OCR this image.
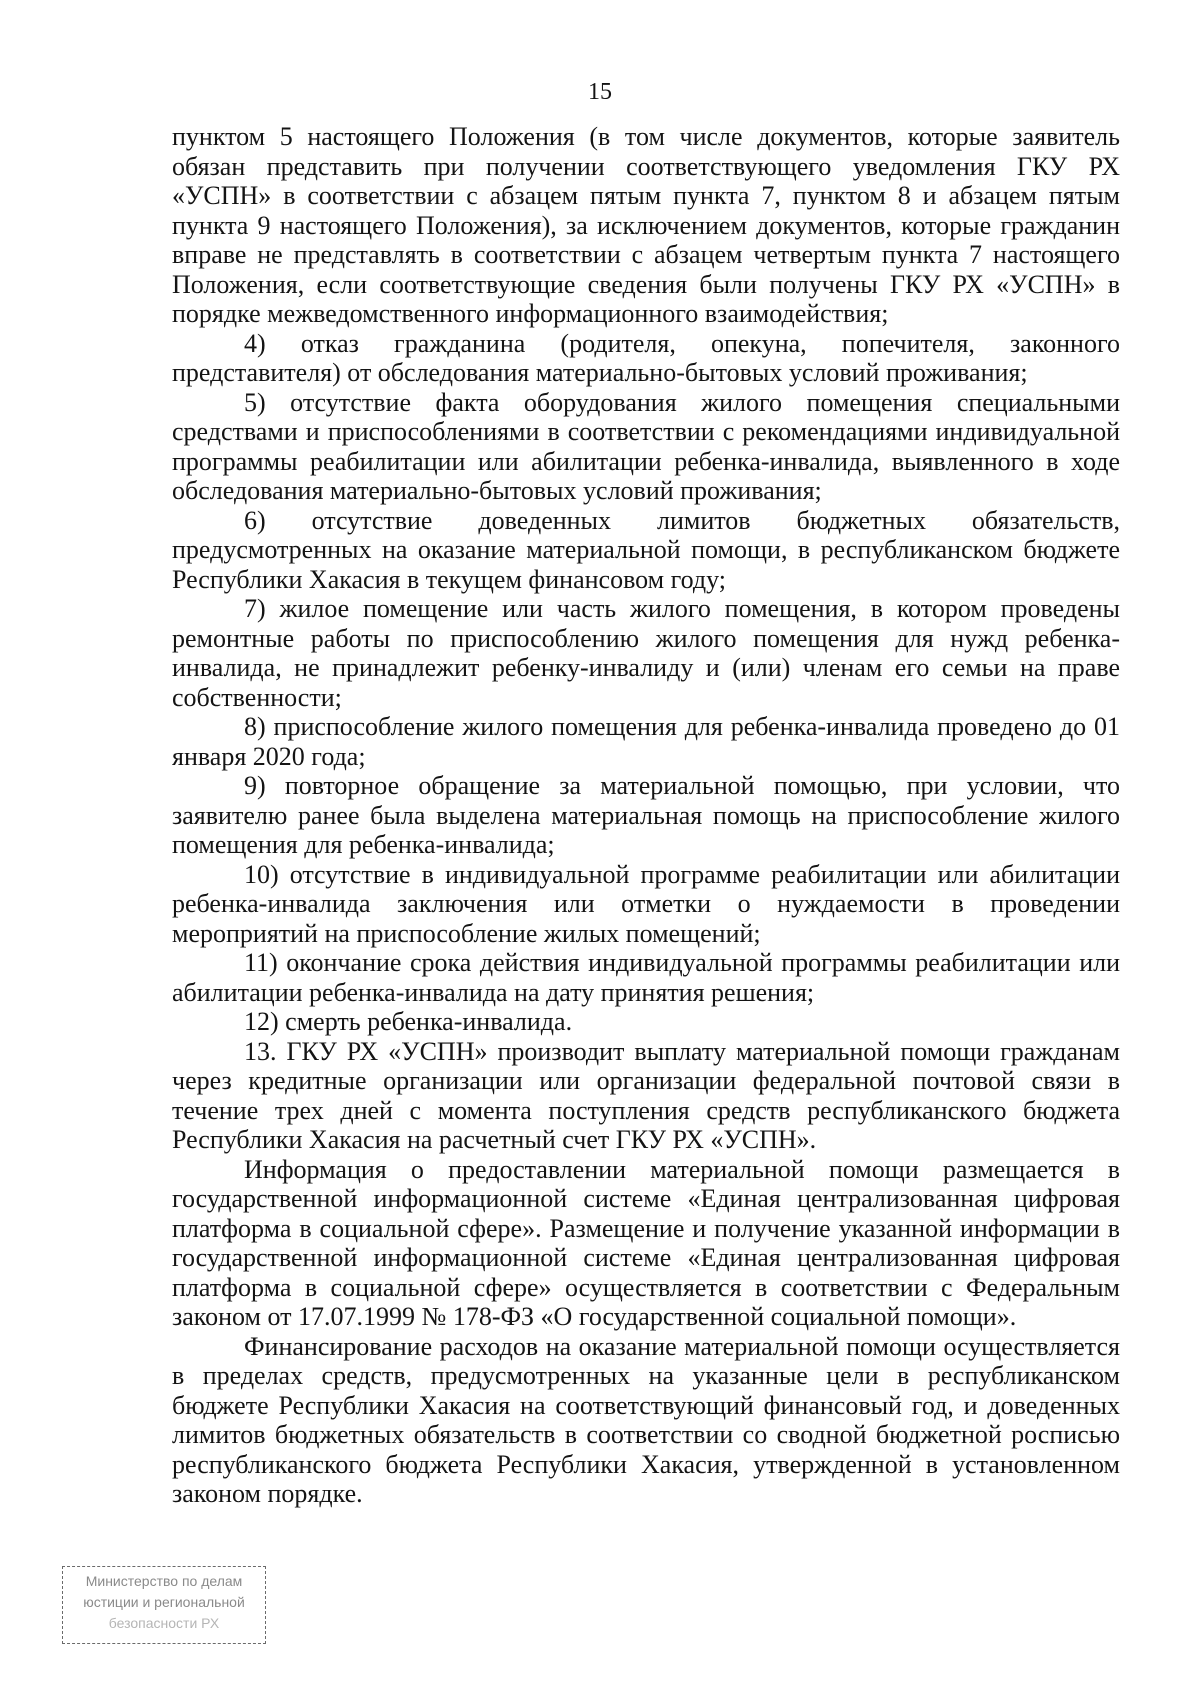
15

пунктом 5 настоящего Положения (в том числе документов, которые заявитель обязан представить при получении соответствующего уведомления ГКУ РХ «УСПН» в соответствии с абзацем пятым пункта 7, пунктом 8 и абзацем пятым пункта 9 настоящего Положения), за исключением документов, которые гражданин вправе не представлять в соответствии с абзацем четвертым пункта 7 настоящего Положения, если соответствующие сведения были получены ГКУ РХ «УСПН» в порядке межведомственного информационного взаимодействия;

4) отказ гражданина (родителя, опекуна, попечителя, законного представителя) от обследования материально-бытовых условий проживания;

5) отсутствие факта оборудования жилого помещения специальными средствами и приспособлениями в соответствии с рекомендациями индивидуальной программы реабилитации или абилитации ребенка-инвалида, выявленного в ходе обследования материально-бытовых условий проживания;

6) отсутствие доведенных лимитов бюджетных обязательств, предусмотренных на оказание материальной помощи, в республиканском бюджете Республики Хакасия в текущем финансовом году;

7) жилое помещение или часть жилого помещения, в котором проведены ремонтные работы по приспособлению жилого помещения для нужд ребенка-инвалида, не принадлежит ребенку-инвалиду и (или) членам его семьи на праве собственности;

8) приспособление жилого помещения для ребенка-инвалида проведено до 01 января 2020 года;

9) повторное обращение за материальной помощью, при условии, что заявителю ранее была выделена материальная помощь на приспособление жилого помещения для ребенка-инвалида;

10) отсутствие в индивидуальной программе реабилитации или абилитации ребенка-инвалида заключения или отметки о нуждаемости в проведении мероприятий на приспособление жилых помещений;

11) окончание срока действия индивидуальной программы реабилитации или абилитации ребенка-инвалида на дату принятия решения;

12) смерть ребенка-инвалида.

13. ГКУ РХ «УСПН» производит выплату материальной помощи гражданам через кредитные организации или организации федеральной почтовой связи в течение трех дней с момента поступления средств республиканского бюджета Республики Хакасия на расчетный счет ГКУ РХ «УСПН».

Информация о предоставлении материальной помощи размещается в государственной информационной системе «Единая централизованная цифровая платформа в социальной сфере». Размещение и получение указанной информации в государственной информационной системе «Единая централизованная цифровая платформа в социальной сфере» осуществляется в соответствии с Федеральным законом от 17.07.1999 № 178-ФЗ «О государственной социальной помощи».

Финансирование расходов на оказание материальной помощи осуществляется в пределах средств, предусмотренных на указанные цели в республиканском бюджете Республики Хакасия на соответствующий финансовый год, и доведенных лимитов бюджетных обязательств в соответствии со сводной бюджетной росписью республиканского бюджета Республики Хакасия, утвержденной в установленном законом порядке.

Министерство по делам
юстиции и региональной
безопасности РХ
